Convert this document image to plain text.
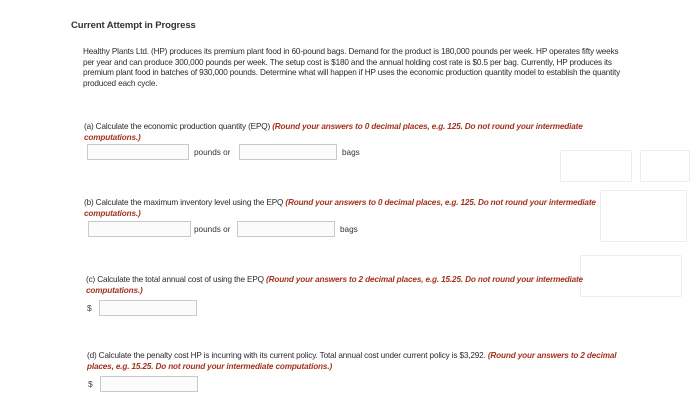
Current Attempt in Progress
Healthy Plants Ltd. (HP) produces its premium plant food in 60-pound bags. Demand for the product is 180,000 pounds per week. HP operates fifty weeks per year and can produce 300,000 pounds per week. The setup cost is $180 and the annual holding cost rate is $0.5 per bag. Currently, HP produces its premium plant food in batches of 930,000 pounds. Determine what will happen if HP uses the economic production quantity model to establish the quantity produced each cycle.
(a) Calculate the economic production quantity (EPQ) (Round your answers to 0 decimal places, e.g. 125. Do not round your intermediate computations.)
pounds or	bags
(b) Calculate the maximum inventory level using the EPQ (Round your answers to 0 decimal places, e.g. 125. Do not round your intermediate computations.)
pounds or	bags
(c) Calculate the total annual cost of using the EPQ (Round your answers to 2 decimal places, e.g. 15.25. Do not round your intermediate computations.)
$
(d) Calculate the penalty cost HP is incurring with its current policy. Total annual cost under current policy is $3,292. (Round your answers to 2 decimal places, e.g. 15.25. Do not round your intermediate computations.)
$
